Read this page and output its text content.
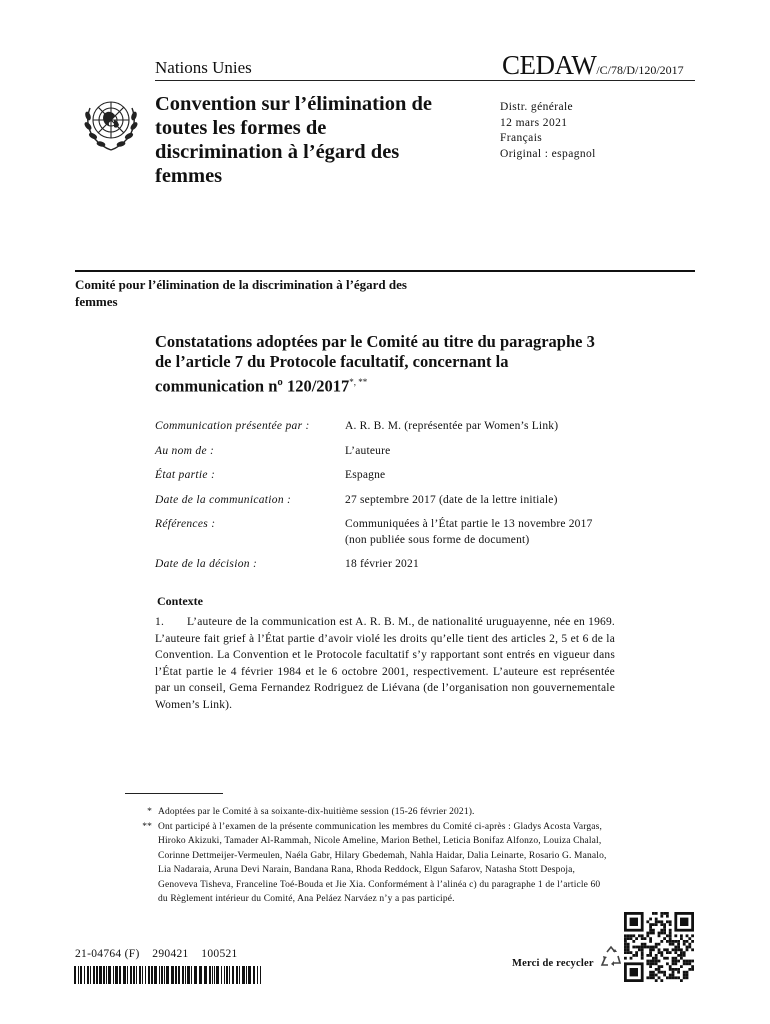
Nations Unies	CEDAW/C/78/D/120/2017
Convention sur l’élimination de toutes les formes de discrimination à l’égard des femmes
Distr. générale
12 mars 2021
Français
Original : espagnol
Comité pour l’élimination de la discrimination à l’égard des femmes
Constatations adoptées par le Comité au titre du paragraphe 3 de l’article 7 du Protocole facultatif, concernant la communication nº 120/2017*, **
Communication présentée par :	A. R. B. M. (représentée par Women’s Link)
Au nom de :	L’auteure
État partie :	Espagne
Date de la communication :	27 septembre 2017 (date de la lettre initiale)
Références :	Communiquées à l’État partie le 13 novembre 2017 (non publiée sous forme de document)
Date de la décision :	18 février 2021
Contexte
1. L’auteure de la communication est A. R. B. M., de nationalité uruguayenne, née en 1969. L’auteure fait grief à l’État partie d’avoir violé les droits qu’elle tient des articles 2, 5 et 6 de la Convention. La Convention et le Protocole facultatif s’y rapportant sont entrés en vigueur dans l’État partie le 4 février 1984 et le 6 octobre 2001, respectivement. L’auteure est représentée par un conseil, Gema Fernandez Rodriguez de Liévana (de l’organisation non gouvernementale Women’s Link).
* Adoptées par le Comité à sa soixante-dix-huitième session (15-26 février 2021).
** Ont participé à l’examen de la présente communication les membres du Comité ci-après : Gladys Acosta Vargas, Hiroko Akizuki, Tamader Al-Rammah, Nicole Ameline, Marion Bethel, Leticia Bonifaz Alfonzo, Louiza Chalal, Corinne Dettmeijer-Vermeulen, Naéla Gabr, Hilary Gbedemah, Nahla Haidar, Dalia Leinarte, Rosario G. Manalo, Lia Nadaraia, Aruna Devi Narain, Bandana Rana, Rhoda Reddock, Elgun Safarov, Natasha Stott Despoja, Genoveva Tisheva, Franceline Toé-Bouda et Jie Xia. Conformément à l’alinéa c) du paragraphe 1 de l’article 60 du Règlement intérieur du Comité, Ana Peláez Narváez n’y a pas participé.
21-04764 (F)    290421    100521
Merci de recycler
